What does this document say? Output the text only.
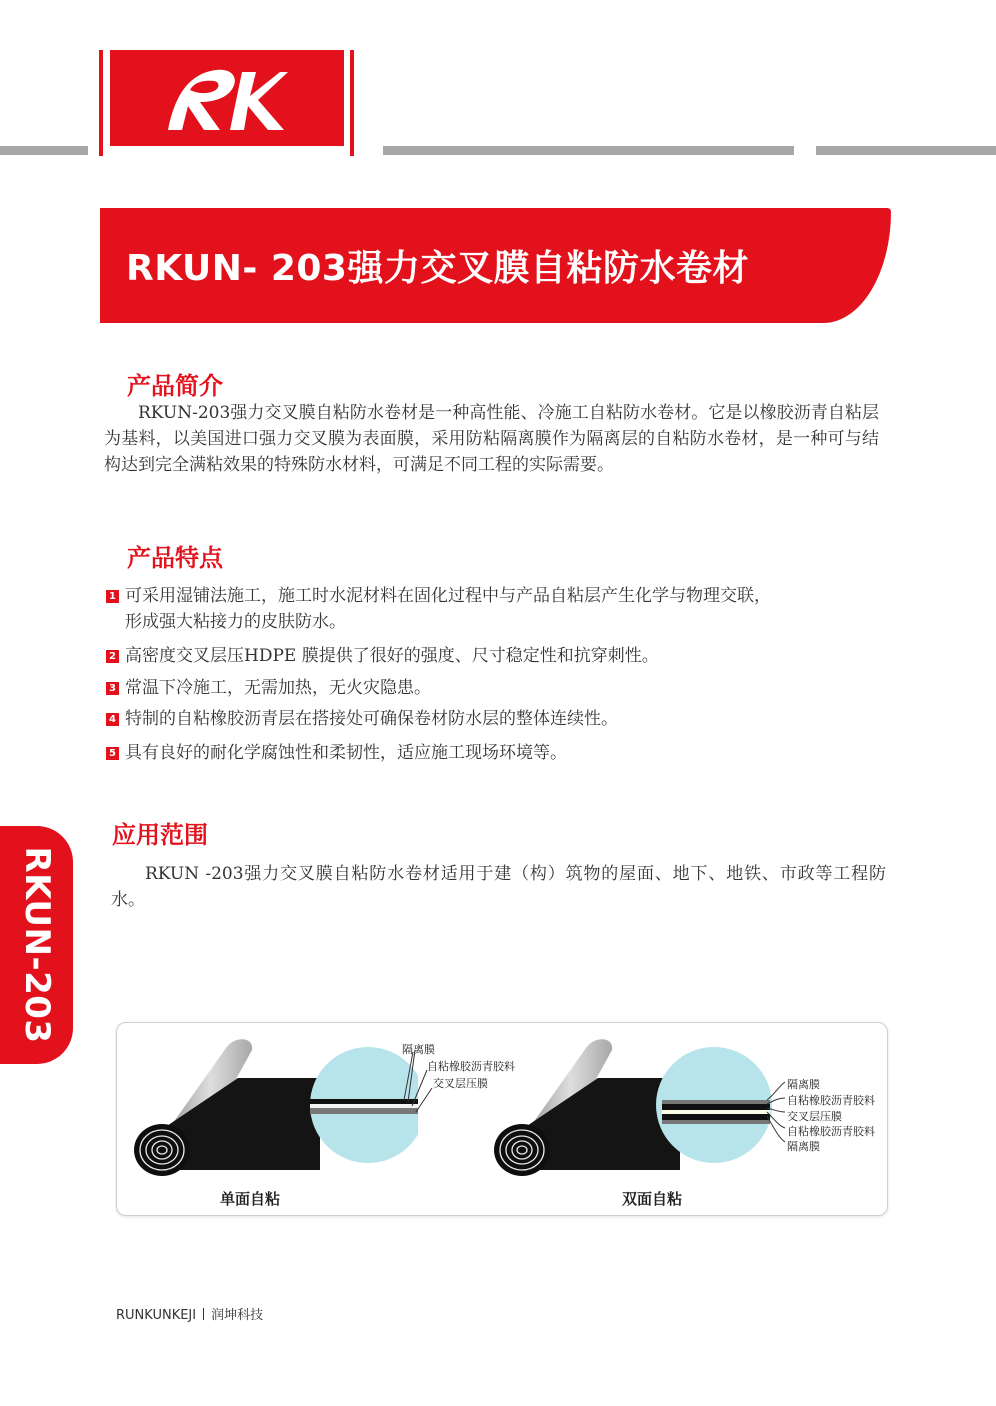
RKUN- 203强力交叉膜自粘防水卷材
产品简介
RKUN-203强力交叉膜自粘防水卷材是一种高性能、冷施工自粘防水卷材。它是以橡胶沥青自粘层为基料，以美国进口强力交叉膜为表面膜，采用防粘隔离膜作为隔离层的自粘防水卷材，是一种可与结构达到完全满粘效果的特殊防水材料，可满足不同工程的实际需要。
产品特点
1 可采用湿铺法施工，施工时水泥材料在固化过程中与产品自粘层产生化学与物理交联，
形成强大粘接力的皮肤防水。
2 高密度交叉层压HDPE 膜提供了很好的强度、尺寸稳定性和抗穿刺性。
3 常温下冷施工，无需加热，无火灾隐患。
4 特制的自粘橡胶沥青层在搭接处可确保卷材防水层的整体连续性。
5 具有良好的耐化学腐蚀性和柔韧性，适应施工现场环境等。
应用范围
RKUN -203强力交叉膜自粘防水卷材适用于建（构）筑物的屋面、地下、地铁、市政等工程防水。
RKUN-203
隔离膜
自粘橡胶沥青胶料
交叉层压膜	隔离膜
自粘橡胶沥青胶料
交叉层压膜
自粘橡胶沥青胶料
隔离膜
单面自粘	双面自粘
RUNKUNKEJI 润坤科技
